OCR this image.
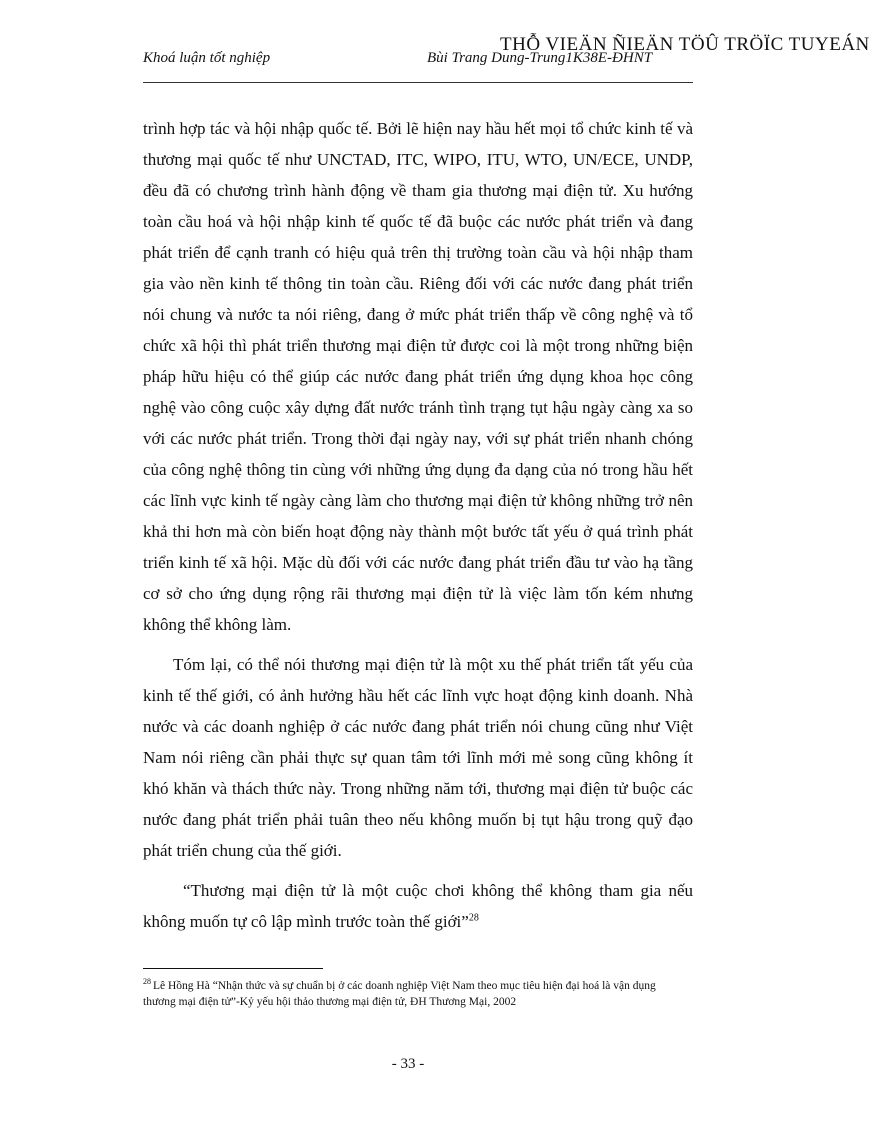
THỖ VIEÄN ÑIEÄN TÖÛ TRÖÏC TUYEÁN
Khoá luận tốt nghiệp	Bùi Trang Dung-Trung1K38E-ĐHNT

trình hợp tác và hội nhập quốc tế. Bởi lẽ hiện nay hầu hết mọi tổ chức kinh tế và thương mại quốc tế như UNCTAD, ITC, WIPO, ITU, WTO, UN/ECE, UNDP, đều đã có chương trình hành động về tham gia thương mại điện tử. Xu hướng toàn cầu hoá và hội nhập kinh tế quốc tế đã buộc các nước phát triển và đang phát triển để cạnh tranh có hiệu quả trên thị trường toàn cầu và hội nhập tham gia vào nền kinh tế thông tin toàn cầu. Riêng đối với các nước đang phát triển nói chung và nước ta nói riêng, đang ở mức phát triển thấp về công nghệ và tổ chức xã hội thì phát triển thương mại điện tử được coi là một trong những biện pháp hữu hiệu có thể giúp các nước đang phát triển ứng dụng khoa học công nghệ vào công cuộc xây dựng đất nước tránh tình trạng tụt hậu ngày càng xa so với các nước phát triển. Trong thời đại ngày nay, với sự phát triển nhanh chóng của công nghệ thông tin cùng với những ứng dụng đa dạng của nó trong hầu hết các lĩnh vực kinh tế ngày càng làm cho thương mại điện tử không những trở nên khả thi hơn mà còn biến hoạt động này thành một bước tất yếu ở quá trình phát triển kinh tế xã hội. Mặc dù đối với các nước đang phát triển đầu tư vào hạ tầng cơ sở cho ứng dụng rộng rãi thương mại điện tử là việc làm tốn kém nhưng không thể không làm.

Tóm lại, có thể nói thương mại điện tử là một xu thế phát triển tất yếu của kinh tế thế giới, có ảnh hưởng hầu hết các lĩnh vực hoạt động kinh doanh. Nhà nước và các doanh nghiệp ở các nước đang phát triển nói chung cũng như Việt Nam nói riêng cần phải thực sự quan tâm tới lĩnh mới mẻ song cũng không ít khó khăn và thách thức này. Trong những năm tới, thương mại điện tử buộc các nước đang phát triển phải tuân theo nếu không muốn bị tụt hậu trong quỹ đạo phát triển chung của thế giới.

“Thương mại điện tử là một cuộc chơi không thể không tham gia nếu không muốn tự cô lập mình trước toàn thế giới”$^{28}$

$^{28}$ Lê Hồng Hà “Nhận thức và sự chuẩn bị ở các doanh nghiệp Việt Nam theo mục tiêu hiện đại hoá là vận dụng thương mại điện tử”-Kỷ yếu hội thảo thương mại điện tử, ĐH Thương Mại, 2002
- 33 -
